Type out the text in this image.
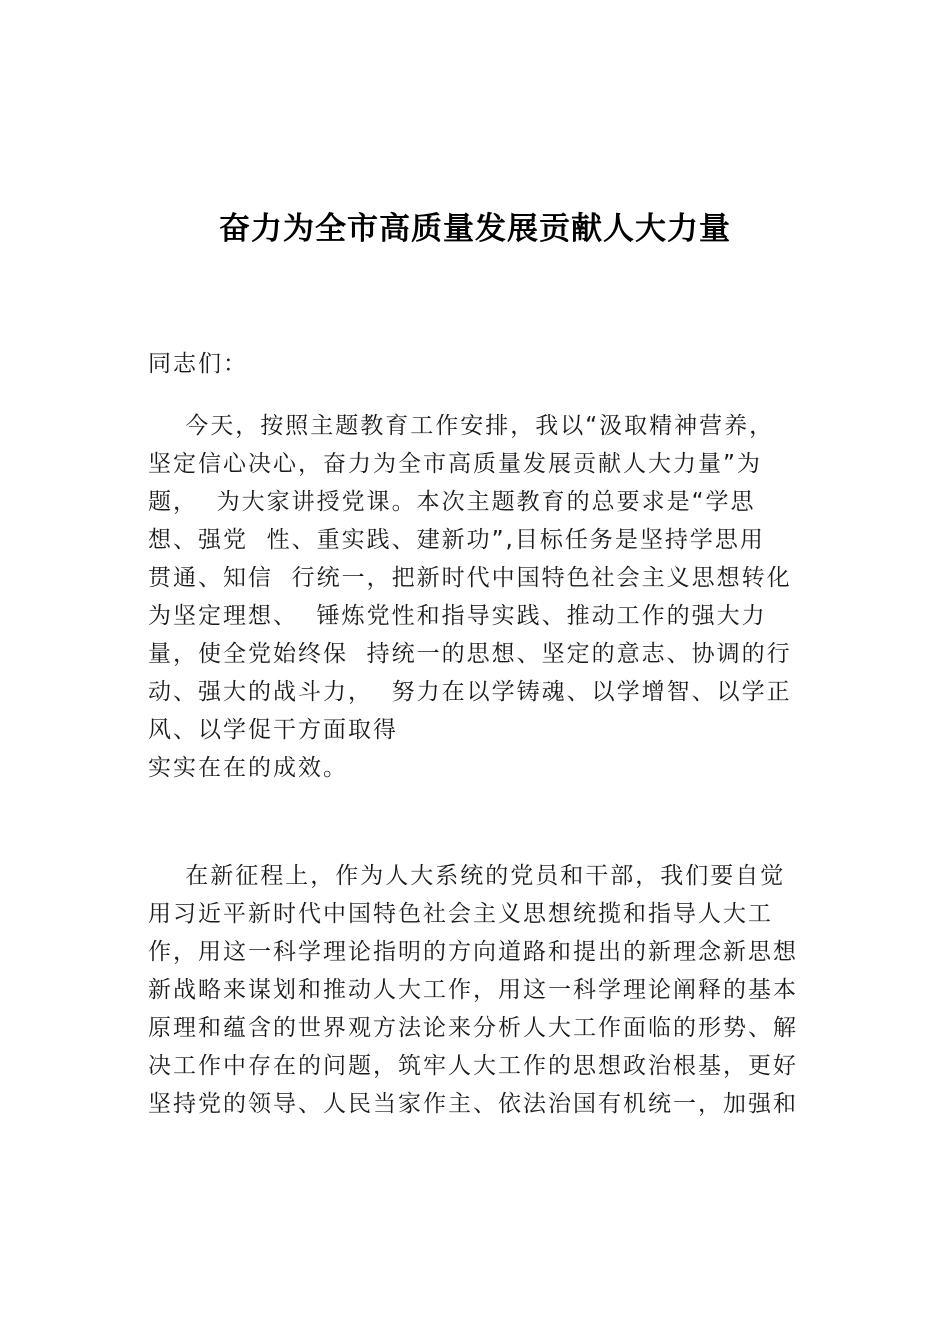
奋力为全市高质量发展贡献人大力量
同志们：
今天，按照主题教育工作安排，我以“汲取精神营养，
坚定信心决心，奋力为全市高质量发展贡献人大力量”为
题，  为大家讲授党课。本次主题教育的总要求是“学思
想、强党  性、重实践、建新功”,目标任务是坚持学思用
贯通、知信  行统一，把新时代中国特色社会主义思想转化
为坚定理想、  锤炼党性和指导实践、推动工作的强大力
量，使全党始终保  持统一的思想、坚定的意志、协调的行
动、强大的战斗力，  努力在以学铸魂、以学增智、以学正
风、以学促干方面取得
实实在在的成效。
在新征程上，作为人大系统的党员和干部，我们要自觉
用习近平新时代中国特色社会主义思想统揽和指导人大工
作，用这一科学理论指明的方向道路和提出的新理念新思想
新战略来谋划和推动人大工作，用这一科学理论阐释的基本
原理和蕴含的世界观方法论来分析人大工作面临的形势、解
决工作中存在的问题，筑牢人大工作的思想政治根基，更好
坚持党的领导、人民当家作主、依法治国有机统一，加强和
